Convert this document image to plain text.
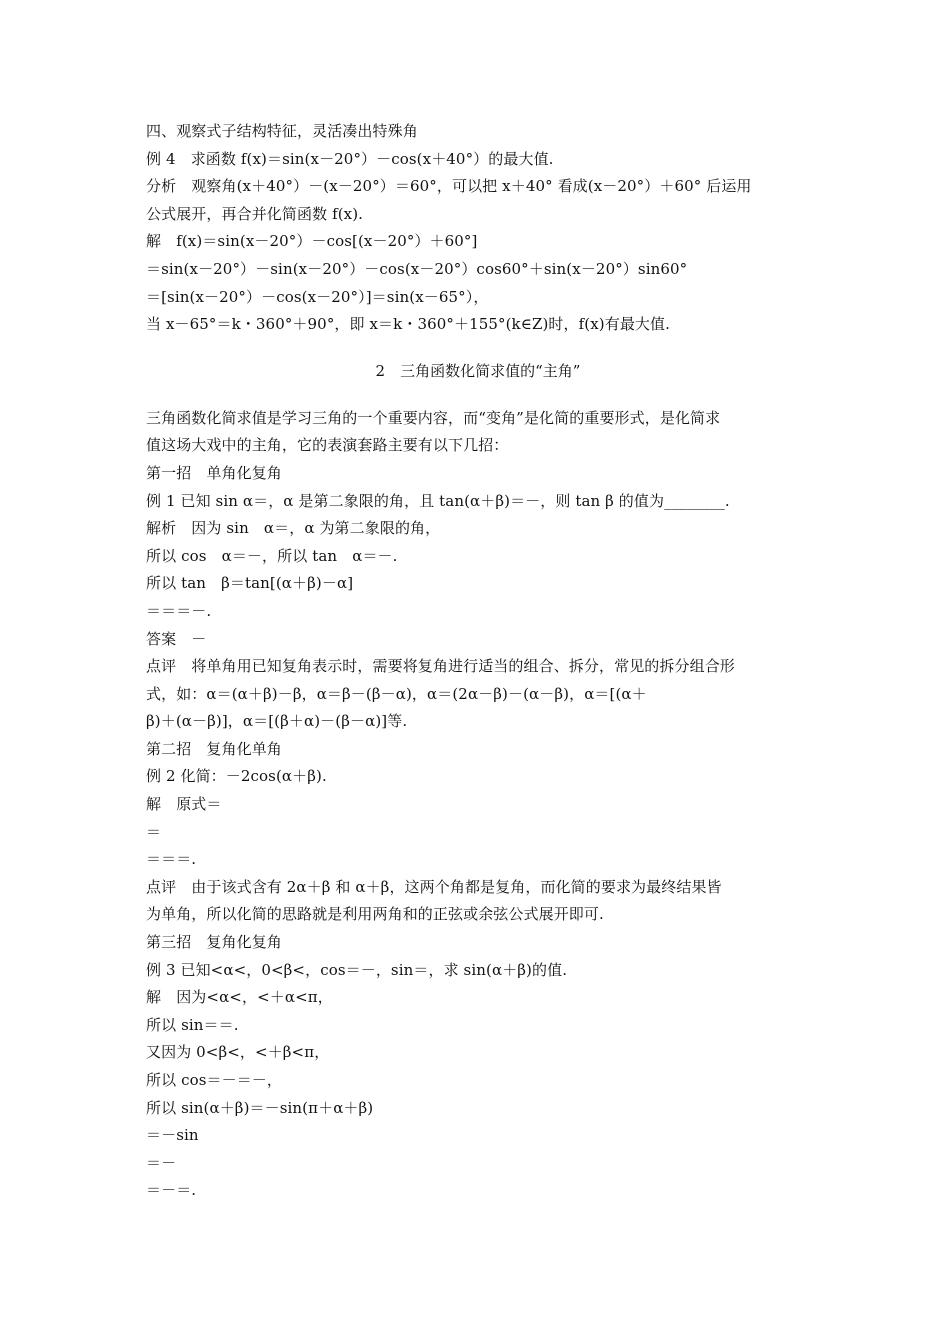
四、观察式子结构特征，灵活凑出特殊角
例 4　求函数 f(x)＝sin(x－20°）－cos(x＋40°）的最大值.
分析　观察角(x＋40°）－(x－20°）＝60°，可以把 x＋40° 看成(x－20°）＋60° 后运用
公式展开，再合并化简函数 f(x).
解　f(x)＝sin(x－20°）－cos[(x－20°）＋60°]
＝sin(x－20°）－sin(x－20°）－cos(x－20°）cos60°＋sin(x－20°）sin60°
＝[sin(x－20°）－cos(x－20°）]＝sin(x－65°），
当 x－65°＝k・360°＋90°，即 x＝k・360°＋155°(k∈Z)时，f(x)有最大值.
2　三角函数化简求值的“主角”
三角函数化简求值是学习三角的一个重要内容，而“变角”是化简的重要形式，是化简求
值这场大戏中的主角，它的表演套路主要有以下几招：
第一招　单角化复角
例 1 已知 sin α＝，α 是第二象限的角，且 tan(α＋β)＝－，则 tan β 的值为________.
解析　因为 sin　α＝，α 为第二象限的角，
所以 cos　α＝－，所以 tan　α＝－.
所以 tan　β＝tan[(α＋β)－α]
＝＝＝－.
答案　－
点评　将单角用已知复角表示时，需要将复角进行适当的组合、拆分，常见的拆分组合形
式，如：α＝(α＋β)－β，α＝β－(β－α)，α＝(2α－β)－(α－β)，α＝[(α＋
β)＋(α－β)]，α＝[(β＋α)－(β－α)]等.
第二招　复角化单角
例 2 化简：－2cos(α＋β).
解　原式＝
＝
＝＝＝.
点评　由于该式含有 2α＋β 和 α＋β，这两个角都是复角，而化简的要求为最终结果皆
为单角，所以化简的思路就是利用两角和的正弦或余弦公式展开即可.
第三招　复角化复角
例 3 已知<α<，0<β<，cos＝－，sin＝，求 sin(α＋β)的值.
解　因为<α<，<＋α<π，
所以 sin＝＝.
又因为 0<β<，<＋β<π，
所以 cos＝－＝－，
所以 sin(α＋β)＝－sin(π＋α＋β)
＝－sin
＝－
＝－＝.
